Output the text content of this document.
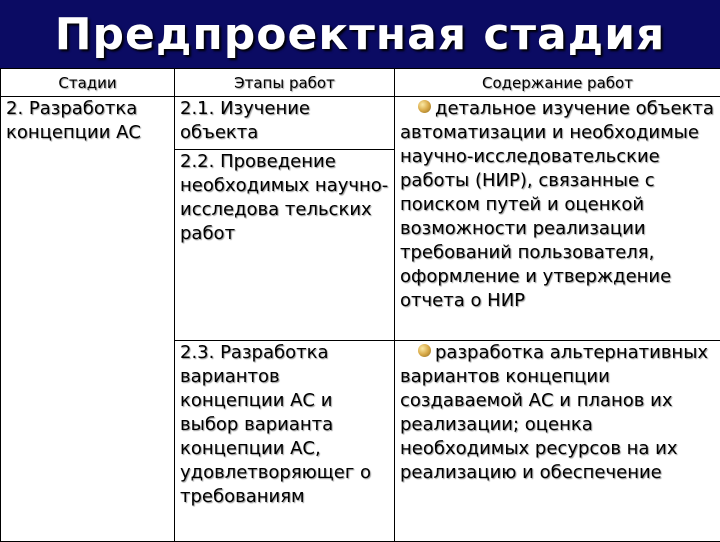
Предпроектная стадия
Стадии	Этапы работ	Содержание работ
2. Разработка концепции АС	2.1. Изучение объекта	детальное изучение объекта автоматизации и необходимые научно-исследовательские работы (НИР), связанные с поиском путей и оценкой возможности реализации требований пользователя, оформление и утверждение отчета о НИР
	2.2. Проведение необходимых научно-исследова тельских работ	
	2.3. Разработка вариантов концепции АС и выбор варианта концепции АС, удовлетворяющег о требованиям	разработка альтернативных вариантов концепции создаваемой АС и планов их реализации; оценка необходимых ресурсов на их реализацию и обеспечение
